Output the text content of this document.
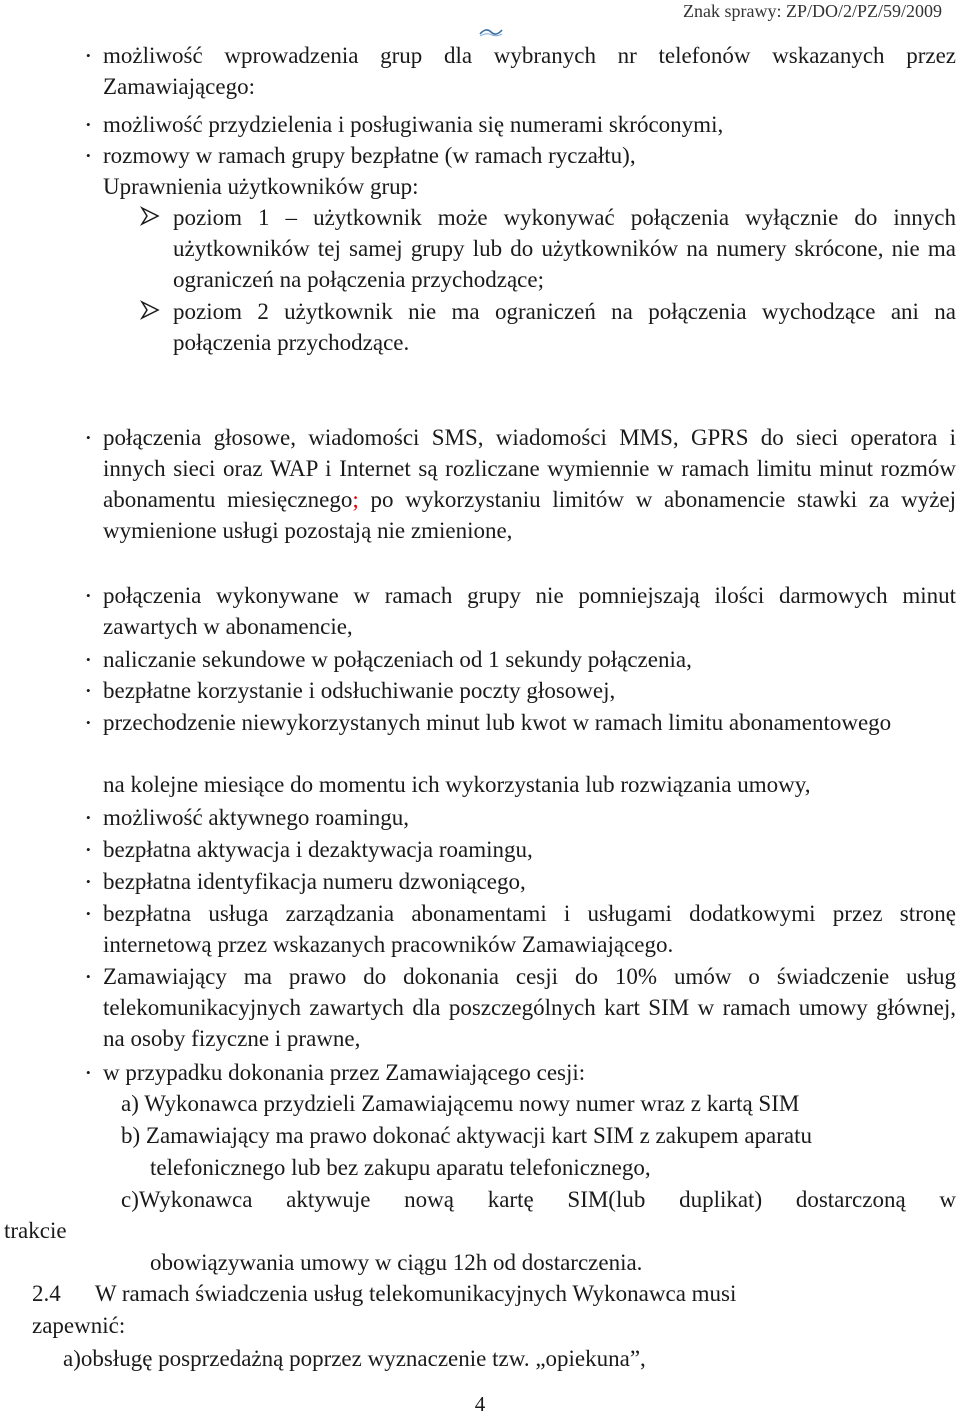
Znak sprawy: ZP/DO/2/PZ/59/2009
• możliwość wprowadzenia grup dla wybranych nr telefonów wskazanych przez Zamawiającego:
• możliwość przydzielenia i posługiwania się numerami skróconymi,
• rozmowy w ramach grupy bezpłatne (w ramach ryczałtu),
Uprawnienia użytkowników grup:
poziom 1 – użytkownik może wykonywać połączenia wyłącznie do innych użytkowników tej samej grupy lub do użytkowników na numery skrócone, nie ma ograniczeń na połączenia przychodzące;
poziom 2 użytkownik nie ma ograniczeń na połączenia wychodzące ani na połączenia przychodzące.
• połączenia głosowe, wiadomości SMS, wiadomości MMS, GPRS do sieci operatora i innych sieci oraz WAP i Internet są rozliczane wymiennie w ramach limitu minut rozmów abonamentu miesięcznego; po wykorzystaniu limitów w abonamencie stawki za wyżej wymienione usługi pozostają nie zmienione,
• połączenia wykonywane w ramach grupy nie pomniejszają ilości darmowych minut zawartych w abonamencie,
• naliczanie sekundowe w połączeniach od 1 sekundy połączenia,
• bezpłatne korzystanie i odsłuchiwanie poczty głosowej,
• przechodzenie niewykorzystanych minut lub kwot w ramach limitu abonamentowego
na kolejne miesiące do momentu ich wykorzystania lub rozwiązania umowy,
• możliwość aktywnego roamingu,
• bezpłatna aktywacja i dezaktywacja roamingu,
• bezpłatna identyfikacja numeru dzwoniącego,
• bezpłatna usługa zarządzania abonamentami i usługami dodatkowymi przez stronę internetową przez wskazanych pracowników Zamawiającego.
• Zamawiający ma prawo do dokonania cesji do 10% umów o świadczenie usług telekomunikacyjnych zawartych dla poszczególnych kart SIM w ramach umowy głównej, na osoby fizyczne i prawne,
• w przypadku dokonania przez Zamawiającego cesji:
a) Wykonawca przydzieli Zamawiającemu nowy numer wraz z kartą SIM
b) Zamawiający ma prawo dokonać aktywacji kart SIM z zakupem aparatu
telefonicznego lub bez zakupu aparatu telefonicznego,
c)Wykonawca aktywuje nową kartę SIM(lub duplikat) dostarczoną w
trakcie
obowiązywania umowy w ciągu 12h od dostarczenia.
2.4      W ramach świadczenia usług telekomunikacyjnych Wykonawca musi
zapewnić:
a)obsługę posprzedażną poprzez wyznaczenie tzw. „opiekuna”,
4
